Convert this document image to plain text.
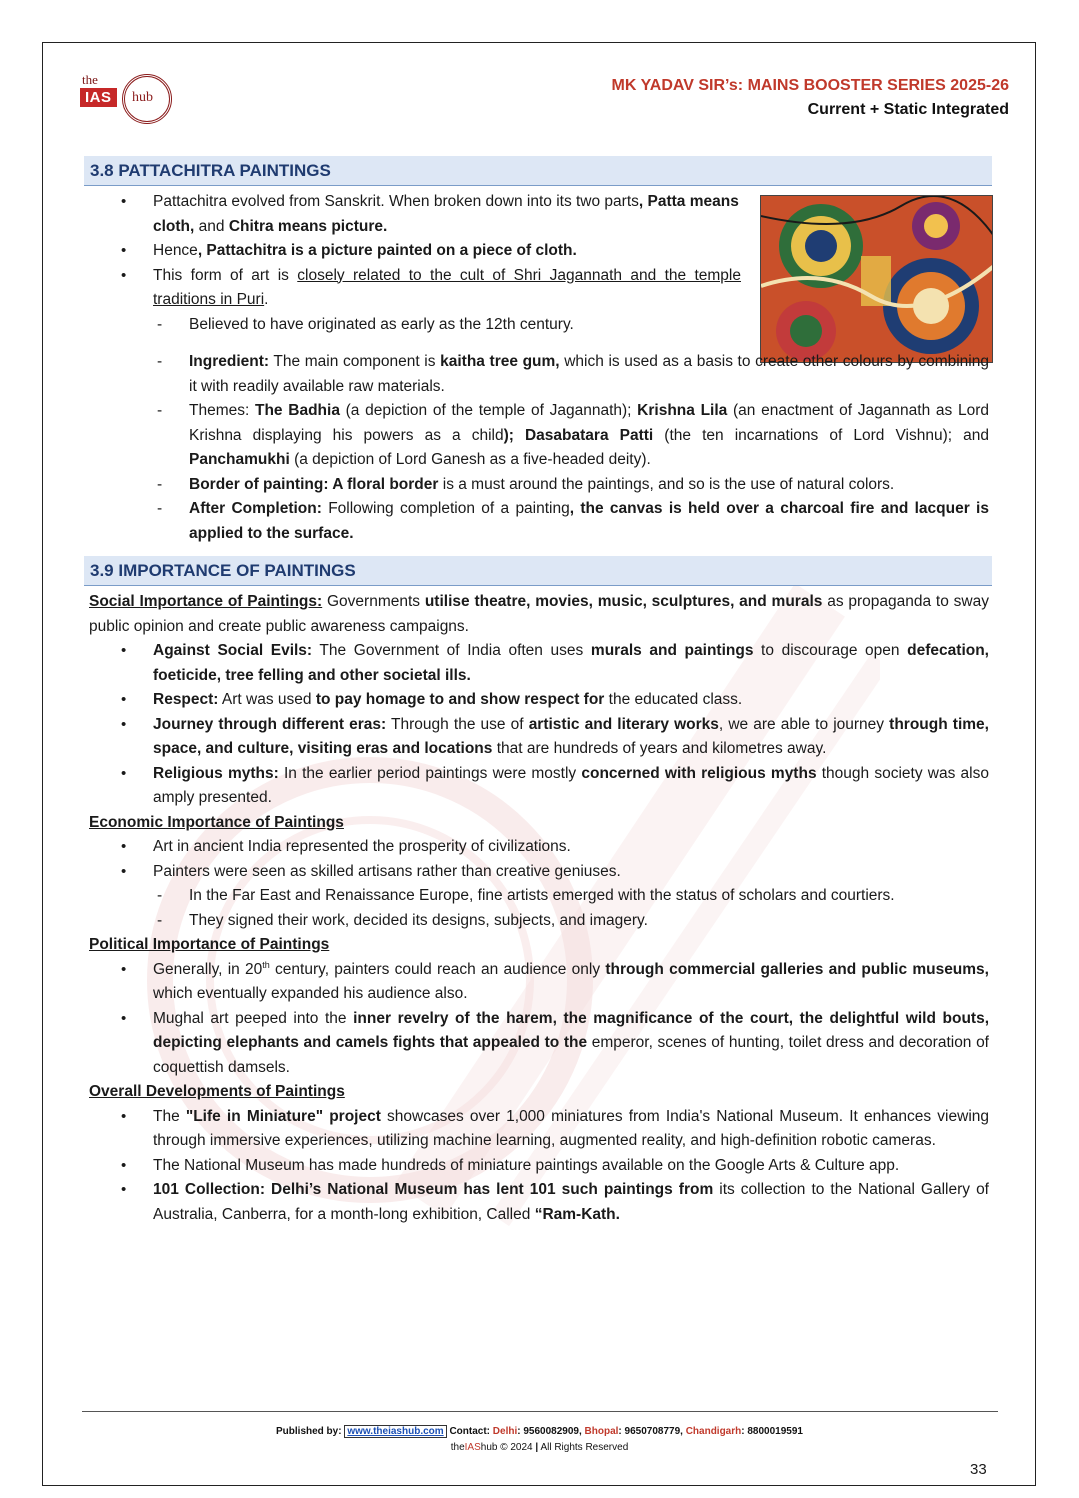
the
IAS	hub
MK YADAV SIR’s: MAINS BOOSTER SERIES 2025-26
Current + Static Integrated
3.8 PATTACHITRA PAINTINGS
• Pattachitra evolved from Sanskrit. When broken down into its two parts, Patta means cloth, and Chitra means picture.
• Hence, Pattachitra is a picture painted on a piece of cloth.
• This form of art is closely related to the cult of Shri Jagannath and the temple traditions in Puri.
- Believed to have originated as early as the 12th century.
- Ingredient: The main component is kaitha tree gum, which is used as a basis to create other colours by combining it with readily available raw materials.
- Themes: The Badhia (a depiction of the temple of Jagannath); Krishna Lila (an enactment of Jagannath as Lord Krishna displaying his powers as a child); Dasabatara Patti (the ten incarnations of Lord Vishnu); and Panchamukhi (a depiction of Lord Ganesh as a five-headed deity).
- Border of painting: A floral border is a must around the paintings, and so is the use of natural colors.
- After Completion: Following completion of a painting, the canvas is held over a charcoal fire and lacquer is applied to the surface.
3.9 IMPORTANCE OF PAINTINGS
Social Importance of Paintings: Governments utilise theatre, movies, music, sculptures, and murals as propaganda to sway public opinion and create public awareness campaigns.
• Against Social Evils: The Government of India often uses murals and paintings to discourage open defecation, foeticide, tree felling and other societal ills.
• Respect: Art was used to pay homage to and show respect for the educated class.
• Journey through different eras: Through the use of artistic and literary works, we are able to journey through time, space, and culture, visiting eras and locations that are hundreds of years and kilometres away.
• Religious myths: In the earlier period paintings were mostly concerned with religious myths though society was also amply presented.
Economic Importance of Paintings
• Art in ancient India represented the prosperity of civilizations.
• Painters were seen as skilled artisans rather than creative geniuses.
- In the Far East and Renaissance Europe, fine artists emerged with the status of scholars and courtiers.
- They signed their work, decided its designs, subjects, and imagery.
Political Importance of Paintings
• Generally, in 20th century, painters could reach an audience only through commercial galleries and public museums, which eventually expanded his audience also.
• Mughal art peeped into the inner revelry of the harem, the magnificance of the court, the delightful wild bouts, depicting elephants and camels fights that appealed to the emperor, scenes of hunting, toilet dress and decoration of coquettish damsels.
Overall Developments of Paintings
• The "Life in Miniature" project showcases over 1,000 miniatures from India's National Museum. It enhances viewing through immersive experiences, utilizing machine learning, augmented reality, and high-definition robotic cameras.
• The National Museum has made hundreds of miniature paintings available on the Google Arts & Culture app.
• 101 Collection: Delhi’s National Museum has lent 101 such paintings from its collection to the National Gallery of Australia, Canberra, for a month-long exhibition, Called “Ram-Kath.
Published by: www.theiashub.com Contact: Delhi: 9560082909, Bhopal: 9650708779, Chandigarh: 8800019591
theIAShub © 2024 | All Rights Reserved
33
